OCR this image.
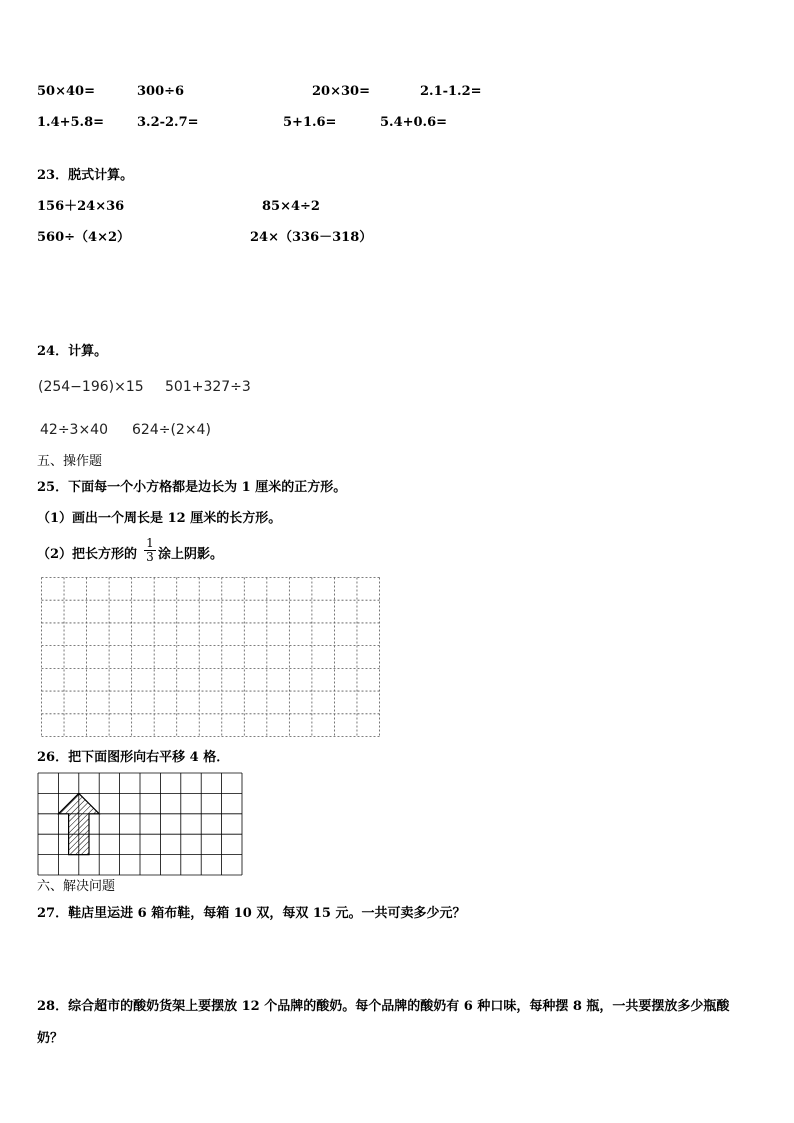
50×40=	300÷6	20×30=	2.1-1.2=
1.4+5.8=	3.2-2.7=	5+1.6=	5.4+0.6=
23．脱式计算。
156＋24×36	85×4÷2
560÷（4×2）	24×（336－318）
24．计算。
(254−196)×15 501+327÷3
42÷3×40 624÷(2×4)
五、操作题
25．下面每一个小方格都是边长为 1 厘米的正方形。
（1）画出一个周长是 12 厘米的长方形。
（2）把长方形的 $\frac{1}{3}$ 涂上阴影。
26．把下面图形向右平移 4 格．
六、解决问题
27．鞋店里运进 6 箱布鞋，每箱 10 双，每双 15 元。一共可卖多少元？
28．综合超市的酸奶货架上要摆放 12 个品牌的酸奶。每个品牌的酸奶有 6 种口味，每种摆 8 瓶，一共要摆放多少瓶酸
奶？
